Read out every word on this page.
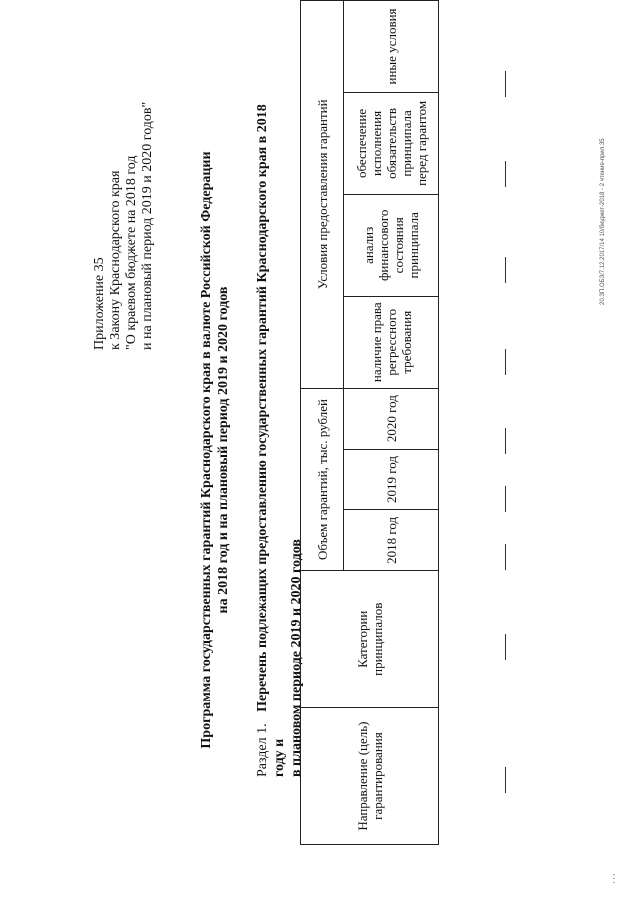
Приложение 35 к Закону Краснодарского края "О краевом бюджете на 2018 год и на плановый период 2019 и 2020 годов"	Программа государственных гарантий Краснодарского края в валюте Российской Федерации на 2018 год и на плановый период 2019 и 2020 годов
Раздел 1. Перечень подлежащих предоставлению государственных гарантий Краснодарского края в 2018 году и в плановом периоде 2019 и 2020 годов	Направление (цель) гарантирования	Категории принципалов	Объем гарантий, тыс. рублей			Условия предоставления гарантий			
		2018 год	2019 год	2020 год	наличие права регрессного требования	анализ финансового состояния принципала	обеспечение исполнения обязательств принципала перед гарантом	иные условия
20.ЗП.ОБЗ/7.12.2017/14 10/бюджет-2018 - 2 чтение-прил.35
' ' '
